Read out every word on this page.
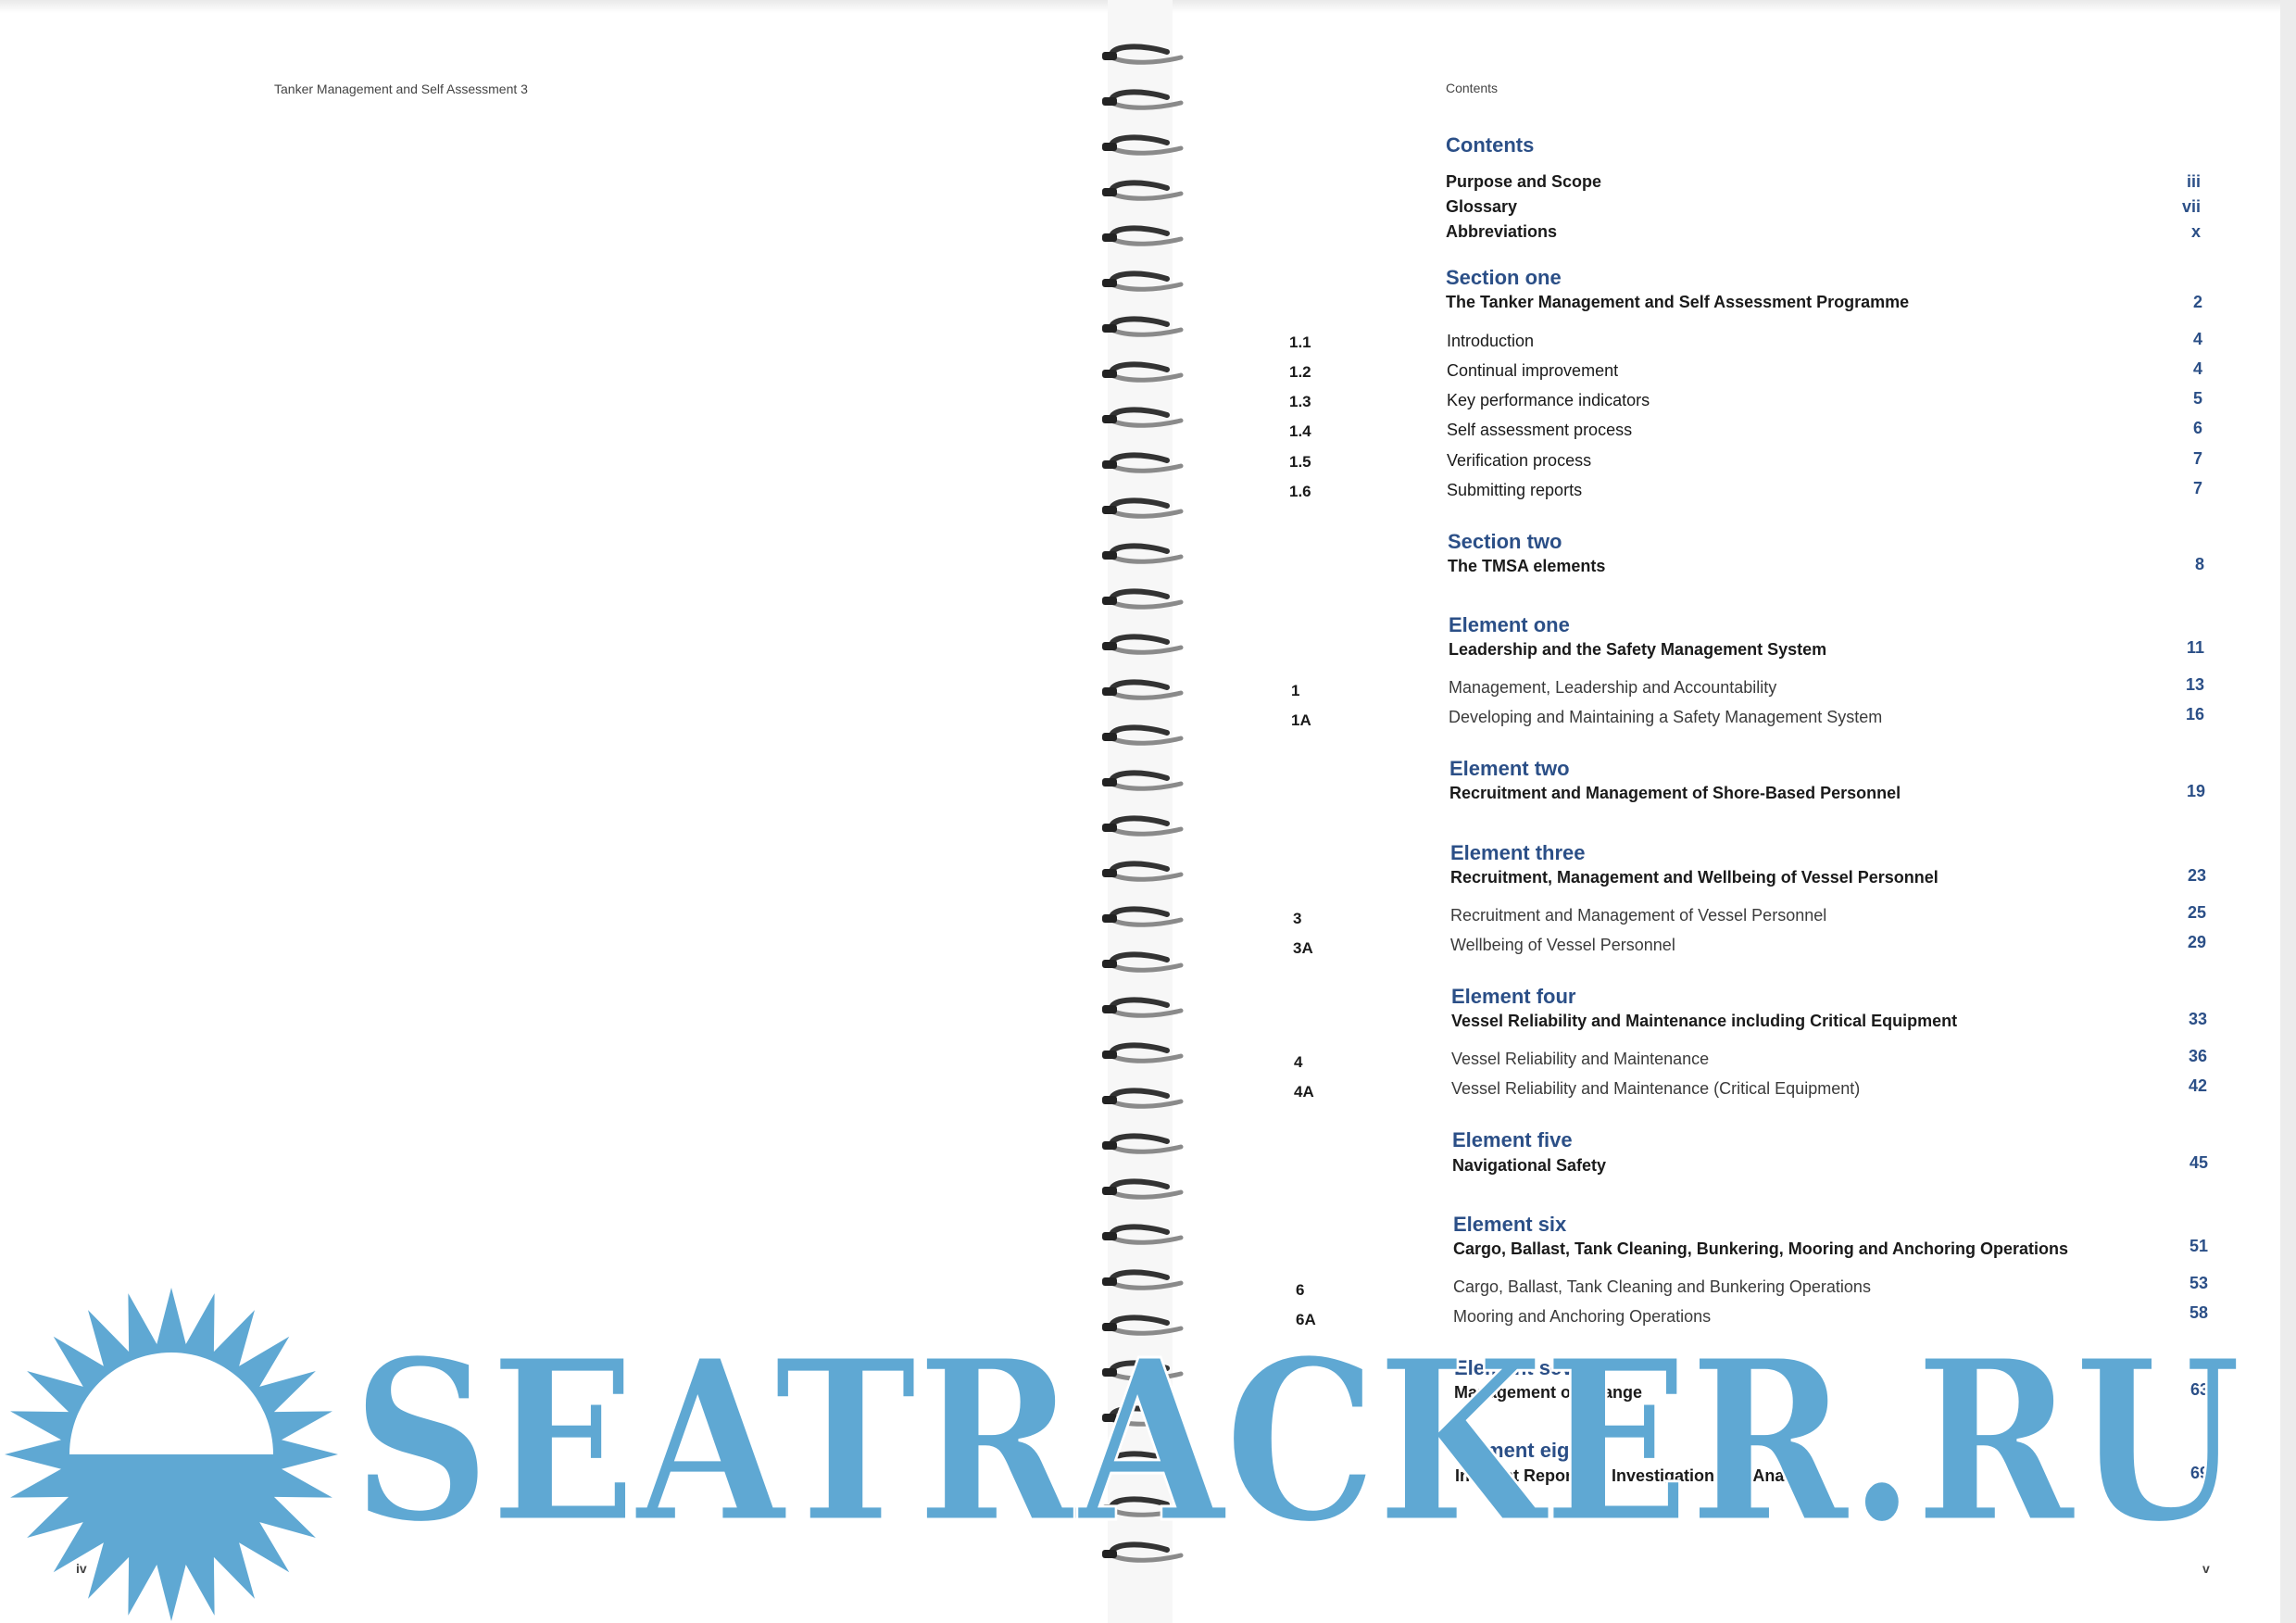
Tanker Management and Self Assessment 3
iv
Contents
Contents
Purpose and Scope	iii
Glossary	vii
Abbreviations	x
Section one
The Tanker Management and Self Assessment Programme	2
1.1	Introduction	4
1.2	Continual improvement	4
1.3	Key performance indicators	5
1.4	Self assessment process	6
1.5	Verification process	7
1.6	Submitting reports	7
Section two
The TMSA elements	8
Element one
Leadership and the Safety Management System	11
1	Management, Leadership and Accountability	13
1A	Developing and Maintaining a Safety Management System	16
Element two
Recruitment and Management of Shore-Based Personnel	19
Element three
Recruitment, Management and Wellbeing of Vessel Personnel	23
3	Recruitment and Management of Vessel Personnel	25
3A	Wellbeing of Vessel Personnel	29
Element four
Vessel Reliability and Maintenance including Critical Equipment	33
4	Vessel Reliability and Maintenance	36
4A	Vessel Reliability and Maintenance (Critical Equipment)	42
Element five
Navigational Safety	45
Element six
Cargo, Ballast, Tank Cleaning, Bunkering, Mooring and Anchoring Operations	51
6	Cargo, Ballast, Tank Cleaning and Bunkering Operations	53
6A	Mooring and Anchoring Operations	58
Element seven
Management of Change	63
Element eight
Incident Reporting, Investigation and Analysis	69
v
SEATRACKER.RU
